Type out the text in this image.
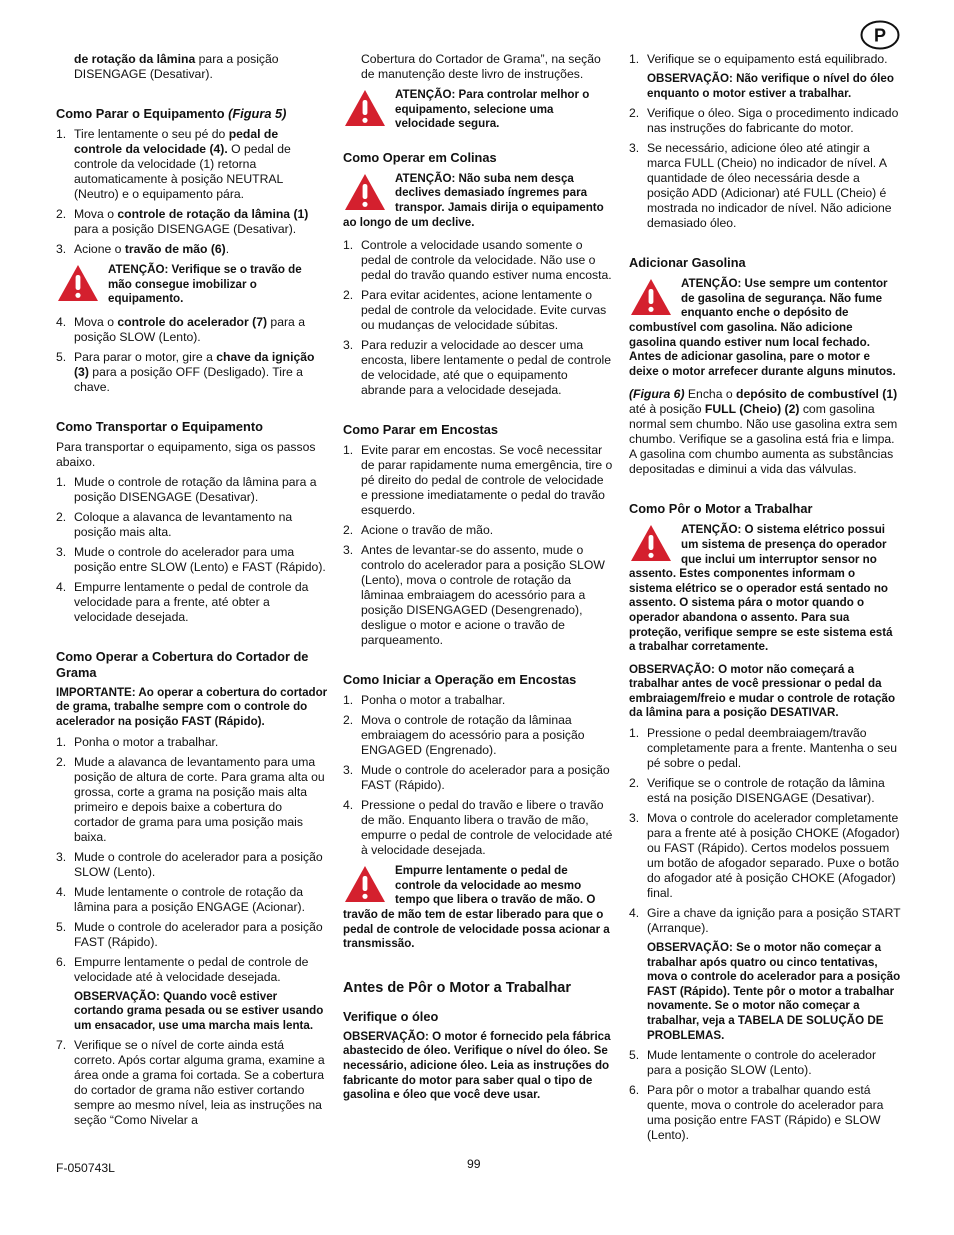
P

de rotação da lâmina para a posição DISENGAGE (Desativar).

Como Parar o Equipamento (Figura 5)
1. Tire lentamente o seu pé do pedal de controle da velocidade (4). O pedal de controle da velocidade (1) retorna automaticamente à posição NEUTRAL (Neutro) e o equipamento pára.
2. Mova o controle de rotação da lâmina (1) para a posição DISENGAGE (Desativar).
3. Acione o travão de mão (6).
ATENÇÃO: Verifique se o travão de mão consegue imobilizar o equipamento.
4. Mova o controle do acelerador (7) para a posição SLOW (Lento).
5. Para parar o motor, gire a chave da ignição (3) para a posição OFF (Desligado). Tire a chave.
Como Transportar o Equipamento

Para transportar o equipamento, siga os passos abaixo.

1. Mude o controle de rotação da lâmina para a posição DISENGAGE (Desativar).
2. Coloque a alavanca de levantamento na posição mais alta.
3. Mude o controle do acelerador para uma posição entre SLOW (Lento) e FAST (Rápido).
4. Empurre lentamente o pedal de controle da velocidade para a frente, até obter a velocidade desejada.
Como Operar a Cobertura do Cortador de Grama

IMPORTANTE: Ao operar a cobertura do cortador de grama, trabalhe sempre com o controle do acelerador na posição FAST (Rápido).

1. Ponha o motor a trabalhar.
2. Mude a alavanca de levantamento para uma posição de altura de corte. Para grama alta ou grossa, corte a grama na posição mais alta primeiro e depois baixe a cobertura do cortador de grama para uma posição mais baixa.
3. Mude o controle do acelerador para a posição SLOW (Lento).
4. Mude lentamente o controle de rotação da lâmina para a posição ENGAGE (Acionar).
5. Mude o controle do acelerador para a posição FAST (Rápido).
6. Empurre lentamente o pedal de controle de velocidade até à velocidade desejada.

OBSERVAÇÃO: Quando você estiver cortando grama pesada ou se estiver usando um ensacador, use uma marcha mais lenta.

7. Verifique se o nível de corte ainda está correto. Após cortar alguma grama, examine a área onde a grama foi cortada. Se a cobertura do cortador de grama não estiver cortando sempre ao mesmo nível, leia as instruções na seção “Como Nivelar a

Cobertura do Cortador de Grama”, na seção de manutenção deste livro de instruções.

ATENÇÃO: Para controlar melhor o equipamento, selecione uma velocidade segura.
Como Operar em Colinas
ATENÇÃO: Não suba nem desça declives demasiado íngremes para transpor. Jamais dirija o equipamento ao longo de um declive.
1. Controle a velocidade usando somente o pedal de controle da velocidade. Não use o pedal do travão quando estiver numa encosta.
2. Para evitar acidentes, acione lentamente o pedal de controle da velocidade. Evite curvas ou mudanças de velocidade súbitas.
3. Para reduzir a velocidade ao descer uma encosta, libere lentamente o pedal de controle de velocidade, até que o equipamento abrande para a velocidade desejada.
Como Parar em Encostas
1. Evite parar em encostas. Se você necessitar de parar rapidamente numa emergência, tire o pé direito do pedal de controle de velocidade e pressione imediatamente o pedal do travão esquerdo.
2. Acione o travão de mão.
3. Antes de levantar-se do assento, mude o controlo do acelerador para a posição SLOW (Lento), mova o controle de rotação da lâminaa embraiagem do acessório para a posição DISENGAGED (Desengrenado), desligue o motor e acione o travão de parqueamento.
Como Iniciar a Operação em Encostas
1. Ponha o motor a trabalhar.
2. Mova o controle de rotação da lâminaa embraiagem do acessório para a posição ENGAGED (Engrenado).
3. Mude o controle do acelerador para a posição FAST (Rápido).
4. Pressione o pedal do travão e libere o travão de mão. Enquanto libera o travão de mão, empurre o pedal de controle de velocidade até à velocidade desejada.
Empurre lentamente o pedal de controle da velocidade ao mesmo tempo que libera o travão de mão. O travão de mão tem de estar liberado para que o pedal de controle de velocidade possa acionar a transmissão.
Antes de Pôr o Motor a Trabalhar
Verifique o óleo

OBSERVAÇÃO: O motor é fornecido pela fábrica abastecido de óleo. Verifique o nível do óleo. Se necessário, adicione óleo. Leia as instruções do fabricante do motor para saber qual o tipo de gasolina e óleo que você deve usar.

1. Verifique se o equipamento está equilibrado.

OBSERVAÇÃO: Não verifique o nível do óleo enquanto o motor estiver a trabalhar.

2. Verifique o óleo. Siga o procedimento indicado nas instruções do fabricante do motor.
3. Se necessário, adicione óleo até atingir a marca FULL (Cheio) no indicador de nível. A quantidade de óleo necessária desde a posição ADD (Adicionar) até FULL (Cheio) é mostrada no indicador de nível. Não adicione demasiado óleo.
Adicionar Gasolina
ATENÇÃO: Use sempre um contentor de gasolina de segurança. Não fume enquanto enche o depósito de combustível com gasolina. Não adicione gasolina quando estiver num local fechado. Antes de adicionar gasolina, pare o motor e deixe o motor arrefecer durante alguns minutos.

(Figura 6) Encha o depósito de combustível (1) até à posição FULL (Cheio) (2) com gasolina normal sem chumbo. Não use gasolina extra sem chumbo. Verifique se a gasolina está fria e limpa. A gasolina com chumbo aumenta as substâncias depositadas e diminui a vida das válvulas.

Como Pôr o Motor a Trabalhar
ATENÇÃO: O sistema elétrico possui um sistema de presença do operador que inclui um interruptor sensor no assento. Estes componentes informam o sistema elétrico se o operador está sentado no assento. O sistema pára o motor quando o operador abandona o assento. Para sua proteção, verifique sempre se este sistema está a trabalhar corretamente.

OBSERVAÇÃO: O motor não começará a trabalhar antes de você pressionar o pedal da embraiagem/freio e mudar o controle de rotação da lâmina para a posição DESATIVAR.

1. Pressione o pedal deembraiagem/travão completamente para a frente. Mantenha o seu pé sobre o pedal.
2. Verifique se o controle de rotação da lâmina está na posição DISENGAGE (Desativar).
3. Mova o controle do acelerador completamente para a frente até à posição CHOKE (Afogador) ou FAST (Rápido). Certos modelos possuem um botão de afogador separado. Puxe o botão do afogador até à posição CHOKE (Afogador) final.
4. Gire a chave da ignição para a posição START (Arranque).

OBSERVAÇÃO: Se o motor não começar a trabalhar após quatro ou cinco tentativas, mova o controle do acelerador para a posição FAST (Rápido). Tente pôr o motor a trabalhar novamente. Se o motor não começar a trabalhar, veja a TABELA DE SOLUÇÃO DE PROBLEMAS.

5. Mude lentamente o controle do acelerador para a posição SLOW (Lento).
6. Para pôr o motor a trabalhar quando está quente, mova o controle do acelerador para uma posição entre FAST (Rápido) e SLOW (Lento).
F-050743L	99
